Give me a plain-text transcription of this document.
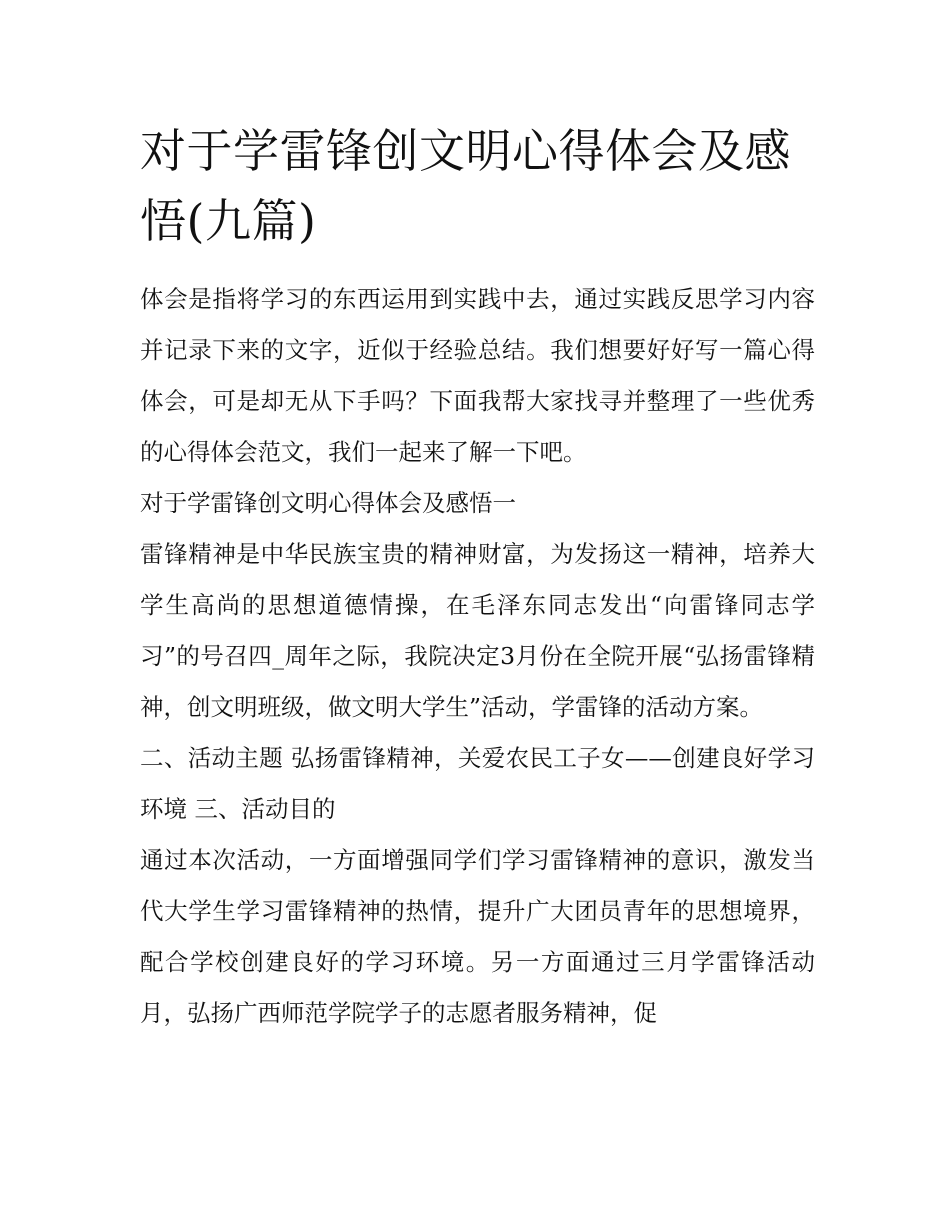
对于学雷锋创文明心得体会及感悟(九篇)

体会是指将学习的东西运用到实践中去，通过实践反思学习内容并记录下来的文字，近似于经验总结。我们想要好好写一篇心得体会，可是却无从下手吗？下面我帮大家找寻并整理了一些优秀的心得体会范文，我们一起来了解一下吧。

对于学雷锋创文明心得体会及感悟一

雷锋精神是中华民族宝贵的精神财富，为发扬这一精神，培养大学生高尚的思想道德情操，在毛泽东同志发出“向雷锋同志学习”的号召四_周年之际，我院决定3月份在全院开展“弘扬雷锋精神，创文明班级，做文明大学生”活动，学雷锋的活动方案。

二、活动主题 弘扬雷锋精神，关爱农民工子女——创建良好学习环境 三、活动目的

通过本次活动，一方面增强同学们学习雷锋精神的意识，激发当代大学生学习雷锋精神的热情，提升广大团员青年的思想境界，配合学校创建良好的学习环境。另一方面通过三月学雷锋活动月，弘扬广西师范学院学子的志愿者服务精神，促
